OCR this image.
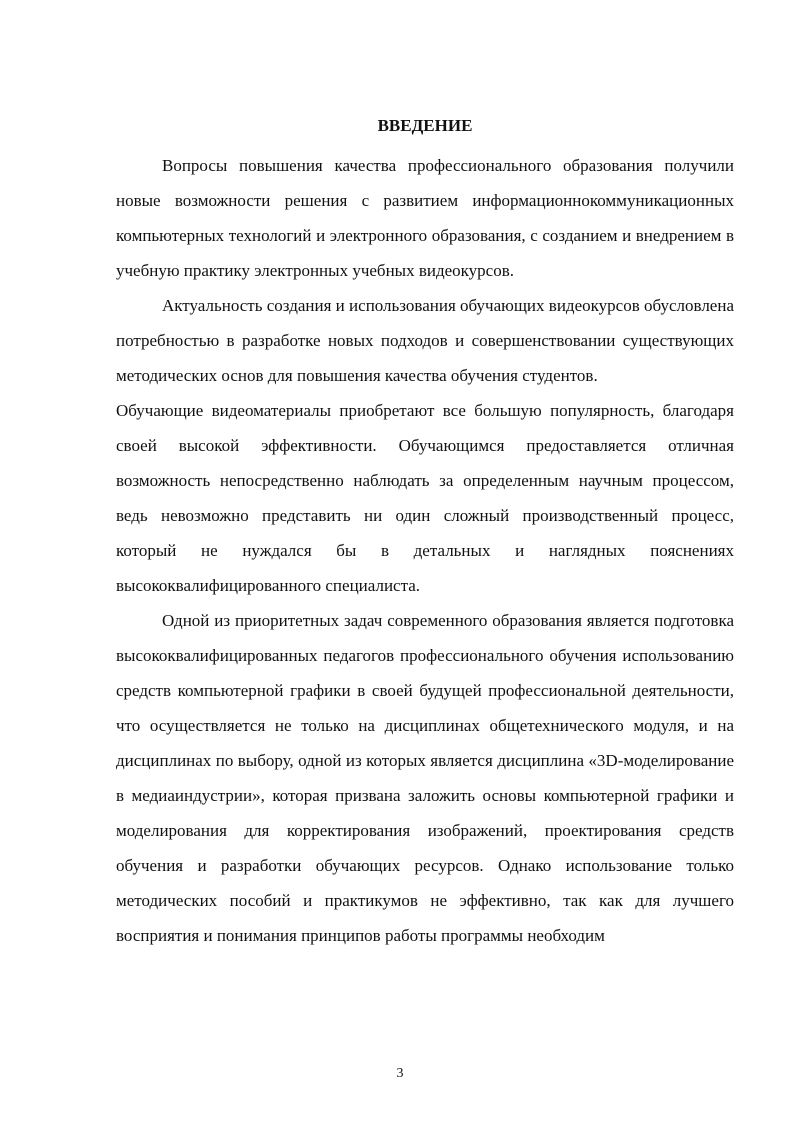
ВВЕДЕНИЕ

Вопросы повышения качества профессионального образования получили новые возможности решения с развитием информационнокоммуникационных компьютерных технологий и электронного образования, с созданием и внедрением в учебную практику электронных учебных видеокурсов.

Актуальность создания и использования обучающих видеокурсов обусловлена потребностью в разработке новых подходов и совершенствовании существующих методических основ для повышения качества обучения студентов.

Обучающие видеоматериалы приобретают все большую популярность, благодаря своей высокой эффективности. Обучающимся предоставляется отличная возможность непосредственно наблюдать за определенным научным процессом, ведь невозможно представить ни один сложный производственный процесс, который не нуждался бы в детальных и наглядных пояснениях высококвалифицированного специалиста.

Одной из приоритетных задач современного образования является подготовка высококвалифицированных педагогов профессионального обучения использованию средств компьютерной графики в своей будущей профессиональной деятельности, что осуществляется не только на дисциплинах общетехнического модуля, и на дисциплинах по выбору, одной из которых является дисциплина «3D-моделирование в медиаиндустрии», которая призвана заложить основы компьютерной графики и моделирования для корректирования изображений, проектирования средств обучения и разработки обучающих ресурсов. Однако использование только методических пособий и практикумов не эффективно, так как для лучшего восприятия и понимания принципов работы программы необходим

3
